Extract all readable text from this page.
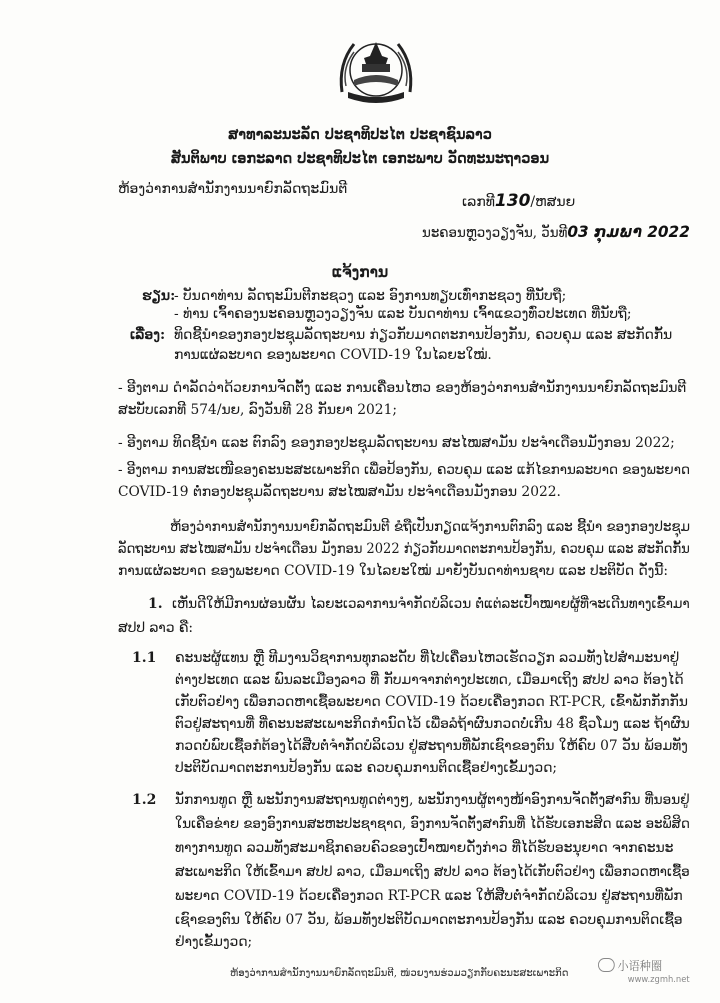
ສາທາລະນະລັດ ປະຊາທິປະໄຕ ປະຊາຊົນລາວ
ສັນຕິພາບ ເອກະລາດ ປະຊາທິປະໄຕ ເອກະພາບ ວັດທະນະຖາວອນ
ຫ້ອງວ່າການສຳນັກງານນາຍົກລັດຖະມົນຕີ
ເລກທີ130/ຫສນຍ
ນະຄອນຫຼວງວຽງຈັນ, ວັນທີ03 ກຸມພາ 2022
ແຈ້ງການ
ຮຽນ:
- ບັນດາທ່ານ ລັດຖະມົນຕີກະຊວງ ແລະ ອົງການທຽບເທົ່າກະຊວງ ທີ່ນັບຖື;
- ທ່ານ ເຈົ້າຄອງນະຄອນຫຼວງວຽງຈັນ ແລະ ບັນດາທ່ານ ເຈົ້າແຂວງທົ່ວປະເທດ ທີ່ນັບຖື;
ເລື່ອງ: ທິດຊີ້ນຳຂອງກອງປະຊຸມລັດຖະບານ ກ່ຽວກັບມາດຕະການປ້ອງກັນ, ຄວບຄຸມ ແລະ ສະກັດກັ້ນ
ການແຜ່ລະບາດ ຂອງພະຍາດ COVID-19 ໃນໄລຍະໃໝ່.
- ອີງຕາມ ດຳລັດວ່າດ້ວຍການຈັດຕັ້ງ ແລະ ການເຄື່ອນໄຫວ ຂອງຫ້ອງວ່າການສຳນັກງານນາຍົກລັດຖະມົນຕີ
ສະບັບເລກທີ 574/ນຍ, ລົງວັນທີ 28 ກັນຍາ 2021;
- ອີງຕາມ ທິດຊີ້ນຳ ແລະ ຕົກລົງ ຂອງກອງປະຊຸມລັດຖະບານ ສະໄໝສາມັນ ປະຈຳເດືອນມັງກອນ 2022;
- ອີງຕາມ ການສະເໜີຂອງຄະນະສະເພາະກິດ ເພື່ອປ້ອງກັນ, ຄວບຄຸມ ແລະ ແກ້ໄຂການລະບາດ ຂອງພະຍາດ
COVID-19 ຕໍ່ກອງປະຊຸມລັດຖະບານ ສະໄໝສາມັນ ປະຈຳເດືອນມັງກອນ 2022.
ຫ້ອງວ່າການສຳນັກງານນາຍົກລັດຖະມົນຕີ ຂໍຖືເປັນກຽດແຈ້ງການຕົກລົງ ແລະ ຊີ້ນຳ ຂອງກອງປະຊຸມ
ລັດຖະບານ ສະໄໝສາມັນ ປະຈຳເດືອນ ມັງກອນ 2022 ກ່ຽວກັບມາດຕະການປ້ອງກັນ, ຄວບຄຸມ ແລະ ສະກັດກັ້ນ
ການແຜ່ລະບາດ ຂອງພະຍາດ COVID-19 ໃນໄລຍະໃໝ່ ມາຍັງບັນດາທ່ານຊາບ ແລະ ປະຕິບັດ ດັ່ງນີ້:
1. ເຫັນດີໃຫ້ມີການຜ່ອນຜັນ ໄລຍະເວລາການຈຳກັດບໍລິເວນ ຕໍ່ແຕ່ລະເປົ້າໝາຍຜູ້ທີ່ຈະເດີນທາງເຂົ້າມາ
ສປປ ລາວ ຄື:
1.1 ຄະນະຜູ້ແທນ ຫຼື ທີມງານວິຊາການທຸກລະດັບ ທີ່ໄປເຄື່ອນໄຫວເຮັດວຽກ ລວມທັງໄປສຳມະນາຢູ່
ຕ່າງປະເທດ ແລະ ພົນລະເມືອງລາວ ທີ່ ກັບມາຈາກຕ່າງປະເທດ, ເມື່ອມາເຖິງ ສປປ ລາວ ຕ້ອງໄດ້
ເກັບຕົວຢ່າງ ເພື່ອກວດຫາເຊື້ອພະຍາດ COVID-19 ດ້ວຍເຄື່ອງກວດ RT-PCR, ເຂົ້າພັກກັກກັນ
ຕົວຢູ່ສະຖານທີ່ ທີ່ຄະນະສະເພາະກິດກຳນົດໄວ້ ເພື່ອລໍຖ້າຜົນກວດບໍ່ເກີນ 48 ຊົ່ວໂມງ ແລະ ຖ້າຜົນ
ກວດບໍ່ພົບເຊື້ອກໍຕ້ອງໄດ້ສືບຕໍ່ຈຳກັດບໍລິເວນ ຢູ່ສະຖານທີ່ພັກເຊົາຂອງຕົນ ໃຫ້ຄົບ 07 ວັນ ພ້ອມທັງ
ປະຕິບັດມາດຕະການປ້ອງກັນ ແລະ ຄວບຄຸມການຕິດເຊື້ອຢ່າງເຂັ້ມງວດ;
1.2 ນັກການທູດ ຫຼື ພະນັກງານສະຖານທູດຕ່າງໆ, ພະນັກງານຜູ້ຕາງໜ້າອົງການຈັດຕັ້ງສາກົນ ທີ່ນອນຢູ່
ໃນເຄືອຂ່າຍ ຂອງອົງການສະຫະປະຊາຊາດ, ອົງການຈັດຕັ້ງສາກົນທີ່ ໄດ້ຮັບເອກະສິດ ແລະ ອະພິສິດ
ທາງການທູດ ລວມທັງສະມາຊິກຄອບຄົວຂອງເປົ້າໝາຍດັ່ງກ່າວ ທີ່ໄດ້ຮັບອະນຸຍາດ ຈາກຄະນະ
ສະເພາະກິດ ໃຫ້ເຂົ້າມາ ສປປ ລາວ, ເມື່ອມາເຖິງ ສປປ ລາວ ຕ້ອງໄດ້ເກັບຕົວຢ່າງ ເພື່ອກວດຫາເຊື້ອ
ພະຍາດ COVID-19 ດ້ວຍເຄື່ອງກວດ RT-PCR ແລະ ໃຫ້ສືບຕໍ່ຈຳກັດບໍລິເວນ ຢູ່ສະຖານທີ່ພັກ
ເຊົາຂອງຕົນ ໃຫ້ຄົບ 07 ວັນ, ພ້ອມທັງປະຕິບັດມາດຕະການປ້ອງກັນ ແລະ ຄວບຄຸມການຕິດເຊື້ອ
ຢ່າງເຂັ້ມງວດ;
ຫ້ອງວ່າການສຳນັກງານນາຍົກລັດຖະມົນຕີ, ໜ່ວຍງານຮ່ວມວຽກກັບຄະນະສະເພາະກິດ
小语种圈
www.zgmh.net
